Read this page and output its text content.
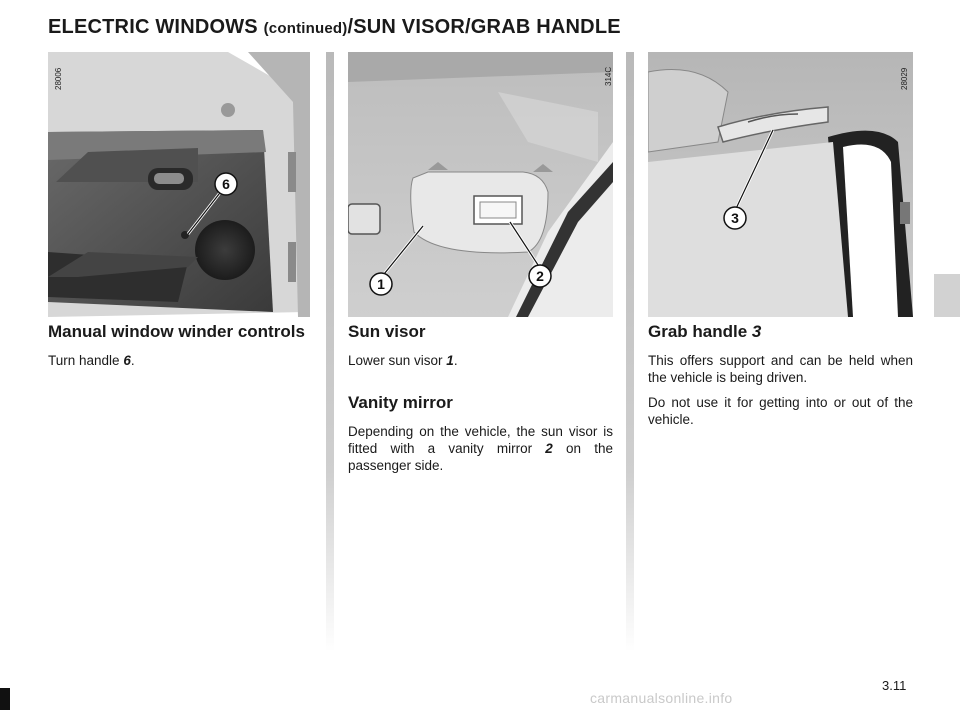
ELECTRIC WINDOWS (continued)/SUN VISOR/GRAB HANDLE
6
28006
1	2
314C
3
28029
Manual window winder controls

Turn handle 6.

Sun visor

Lower sun visor 1.

Vanity mirror

Depending on the vehicle, the sun visor is fitted with a vanity mirror 2 on the passenger side.

Grab handle 3

This offers support and can be held when the vehicle is being driven.

Do not use it for getting into or out of the vehicle.

3.11
carmanualsonline.info
